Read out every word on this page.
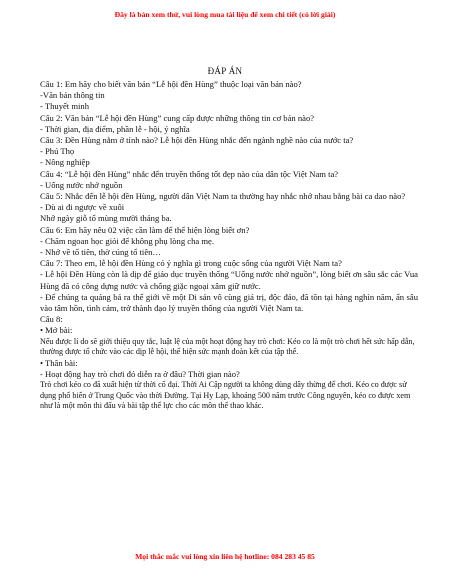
Đây là bản xem thử, vui lòng mua tài liệu để xem chi tiết (có lời giải)
ĐÁP ÁN
Câu 1: Em hãy cho biết văn bản “Lễ hội đền Hùng” thuộc loại văn bản nào?
-Văn bản thông tin
- Thuyết minh
Câu 2: Văn bản “Lễ hội đền Hùng” cung cấp được những thông tin cơ bản nào?
- Thời gian, địa điểm, phần lễ - hội, ý nghĩa
Câu 3: Đền Hùng nằm ở tỉnh nào? Lễ hội đền Hùng nhắc đến ngành nghề nào của nước ta?
- Phú Thọ
- Nông nghiệp
Câu 4: “Lễ hội đền Hùng” nhắc đến truyền thống tốt đẹp nào của dân tộc Việt Nam ta?
- Uống nước nhớ nguồn
Câu 5: Nhắc đến lễ hội đền Hùng, người dân Việt Nam ta thường hay nhắc nhớ nhau bằng bài ca dao nào?
- Dù ai đi ngược về xuôi
Nhớ ngày giỗ tổ mùng mười tháng ba.
Câu 6: Em hãy nêu 02 việc cần làm để thể hiện lòng biết ơn?
- Chăm ngoan học giỏi để không phụ lòng cha mẹ.
- Nhớ về tổ tiên, thờ cúng tổ tiên…
Câu 7: Theo em, lễ hội đền Hùng có ý nghĩa gì trong cuộc sống của người Việt Nam ta?
- Lễ hội Đền Hùng còn là dịp để giáo dục truyền thống “Uống nước nhớ nguồn”, lòng biết ơn sâu sắc các Vua Hùng đã có công dựng nước và chống giặc ngoại xâm giữ nước.
- Để chúng ta quảng bá ra thế giới về một Di sản vô cùng giá trị, độc đáo, đã tồn tại hàng nghìn năm, ẩn sâu vào tâm hồn, tình cảm, trở thành đạo lý truyền thống của người Việt Nam ta.
Câu 8:
• Mở bài:
Nếu được lí do sẽ giới thiệu quy tắc, luật lệ của một hoạt động hay trò chơi: Kéo co là một trò chơi hết sức hấp dẫn, thường được tổ chức vào các dịp lễ hội, thể hiện sức mạnh đoàn kết của tập thể.
• Thân bài:
- Hoạt động hay trò chơi đó diễn ra ở đâu? Thời gian nào?
Trò chơi kéo co đã xuất hiện từ thời cổ đại. Thời Ai Cập người ta không dùng dây thừng để chơi. Kéo co được sử dụng phổ biến ở Trung Quốc vào thời Đường. Tại Hy Lạp, khoảng 500 năm trước Công nguyên, kéo co được xem như là một môn thi đấu và bài tập thể lực cho các môn thể thao khác.
Mọi thắc mắc vui lòng xin liên hệ hotline: 084 283 45 85
